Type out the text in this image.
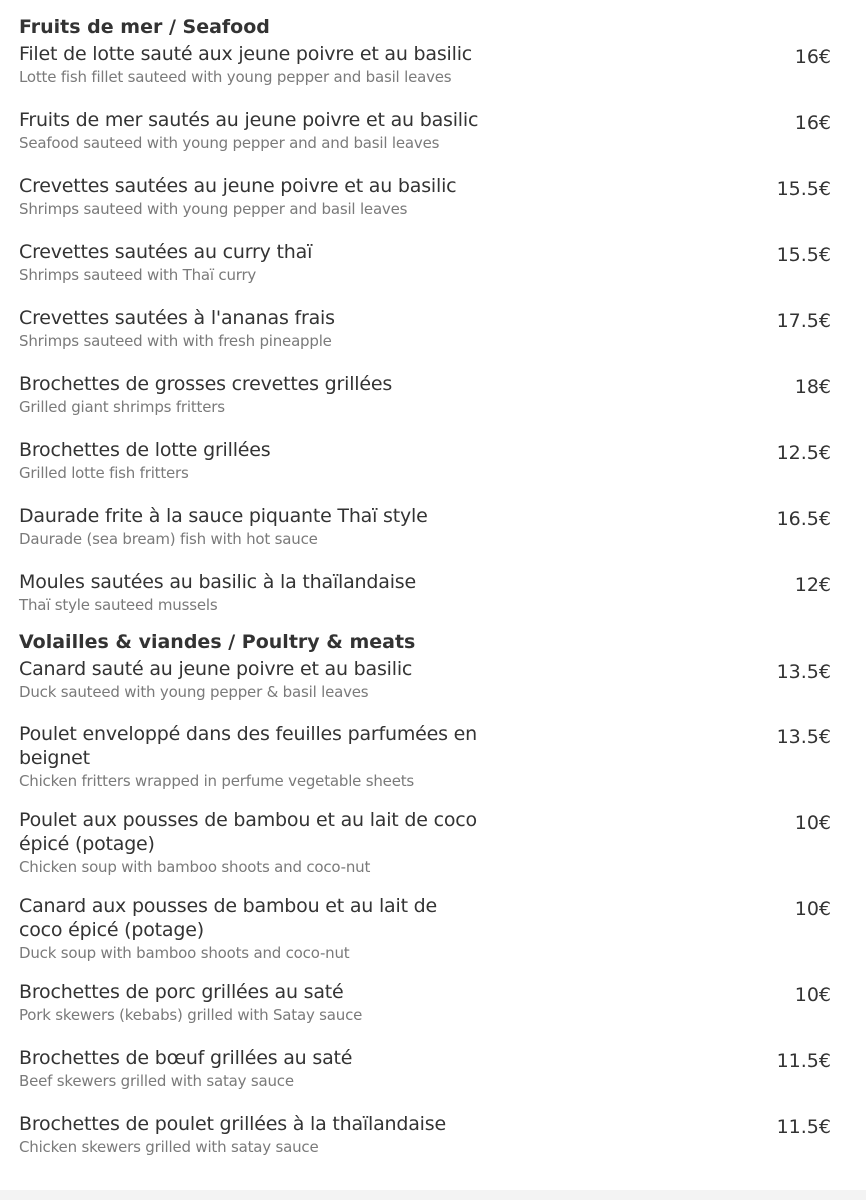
Fruits de mer / Seafood
Filet de lotte sauté aux jeune poivre et au basilic
Lotte fish fillet sauteed with young pepper and basil leaves
16€
Fruits de mer sautés au jeune poivre et au basilic
Seafood sauteed with young pepper and and basil leaves
16€
Crevettes sautées au jeune poivre et au basilic
Shrimps sauteed with young pepper and basil leaves
15.5€
Crevettes sautées au curry thaï
Shrimps sauteed with Thaï curry
15.5€
Crevettes sautées à l'ananas frais
Shrimps sauteed with with fresh pineapple
17.5€
Brochettes de grosses crevettes grillées
Grilled giant shrimps fritters
18€
Brochettes de lotte grillées
Grilled lotte fish fritters
12.5€
Daurade frite à la sauce piquante Thaï style
Daurade (sea bream) fish with hot sauce
16.5€
Moules sautées au basilic à la thaïlandaise
Thaï style sauteed mussels
12€
Volailles & viandes / Poultry & meats
Canard sauté au jeune poivre et au basilic
Duck sauteed with young pepper & basil leaves
13.5€
Poulet enveloppé dans des feuilles parfumées en beignet
Chicken fritters wrapped in perfume vegetable sheets
13.5€
Poulet aux pousses de bambou et au lait de coco épicé (potage)
Chicken soup with bamboo shoots and coco-nut
10€
Canard aux pousses de bambou et au lait de coco épicé (potage)
Duck soup with bamboo shoots and coco-nut
10€
Brochettes de porc grillées au saté
Pork skewers (kebabs) grilled with Satay sauce
10€
Brochettes de bœuf grillées au saté
Beef skewers grilled with satay sauce
11.5€
Brochettes de poulet grillées à la thaïlandaise
Chicken skewers grilled with satay sauce
11.5€
